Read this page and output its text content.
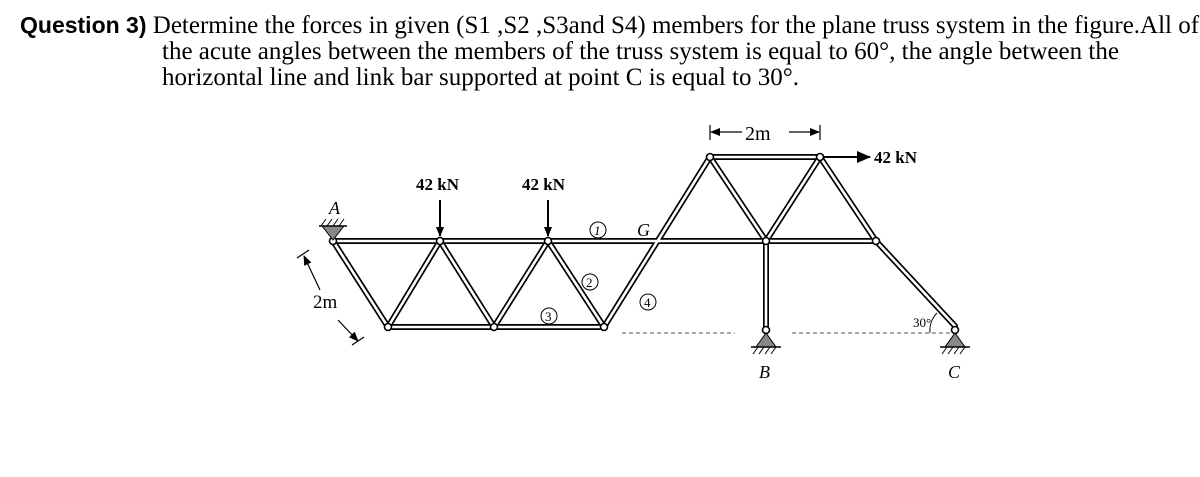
Question 3) Determine the forces in given (S1 ,S2 ,S3and S4) members for the plane truss system in the figure.All of
the acute angles between the members of the truss system is equal to 60°, the angle between the
horizontal line and link bar supported at point C is equal to 30°.
A
B	C
30°
42 kN	42 kN
42 kN
2m
2m
G
1
2
3
4
